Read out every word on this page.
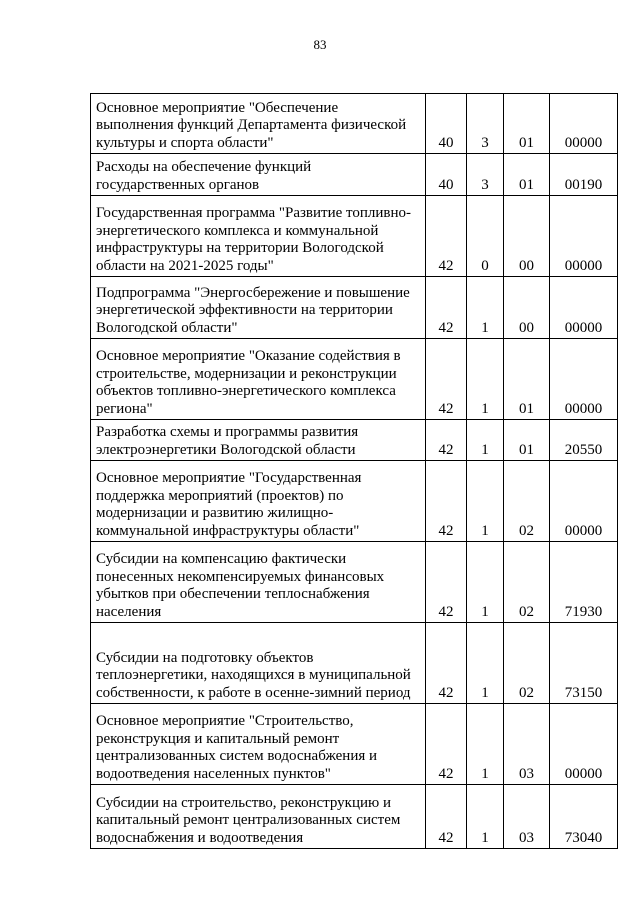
83
Основное мероприятие "Обеспечение
выполнения функций Департамента физической
культуры и спорта области"	40	3	01	00000
Расходы на обеспечение функций
государственных органов	40	3	01	00190
Государственная программа "Развитие топливно-
энергетического комплекса и коммунальной
инфраструктуры на территории Вологодской
области на 2021-2025 годы"	42	0	00	00000
Подпрограмма "Энергосбережение и повышение
энергетической эффективности на территории
Вологодской области"	42	1	00	00000
Основное мероприятие "Оказание содействия в
строительстве, модернизации и реконструкции
объектов топливно-энергетического комплекса
региона"	42	1	01	00000
Разработка схемы и программы развития
электроэнергетики Вологодской области	42	1	01	20550
Основное мероприятие "Государственная
поддержка мероприятий (проектов) по
модернизации и развитию жилищно-
коммунальной инфраструктуры области"	42	1	02	00000
Субсидии на компенсацию фактически
понесенных некомпенсируемых финансовых
убытков при обеспечении теплоснабжения
населения	42	1	02	71930
Субсидии на подготовку объектов
теплоэнергетики, находящихся в муниципальной
собственности, к работе в осенне-зимний период	42	1	02	73150
Основное мероприятие "Строительство,
реконструкция и капитальный ремонт
централизованных систем водоснабжения и
водоотведения населенных пунктов"	42	1	03	00000
Субсидии на строительство, реконструкцию и
капитальный ремонт централизованных систем
водоснабжения и водоотведения	42	1	03	73040
